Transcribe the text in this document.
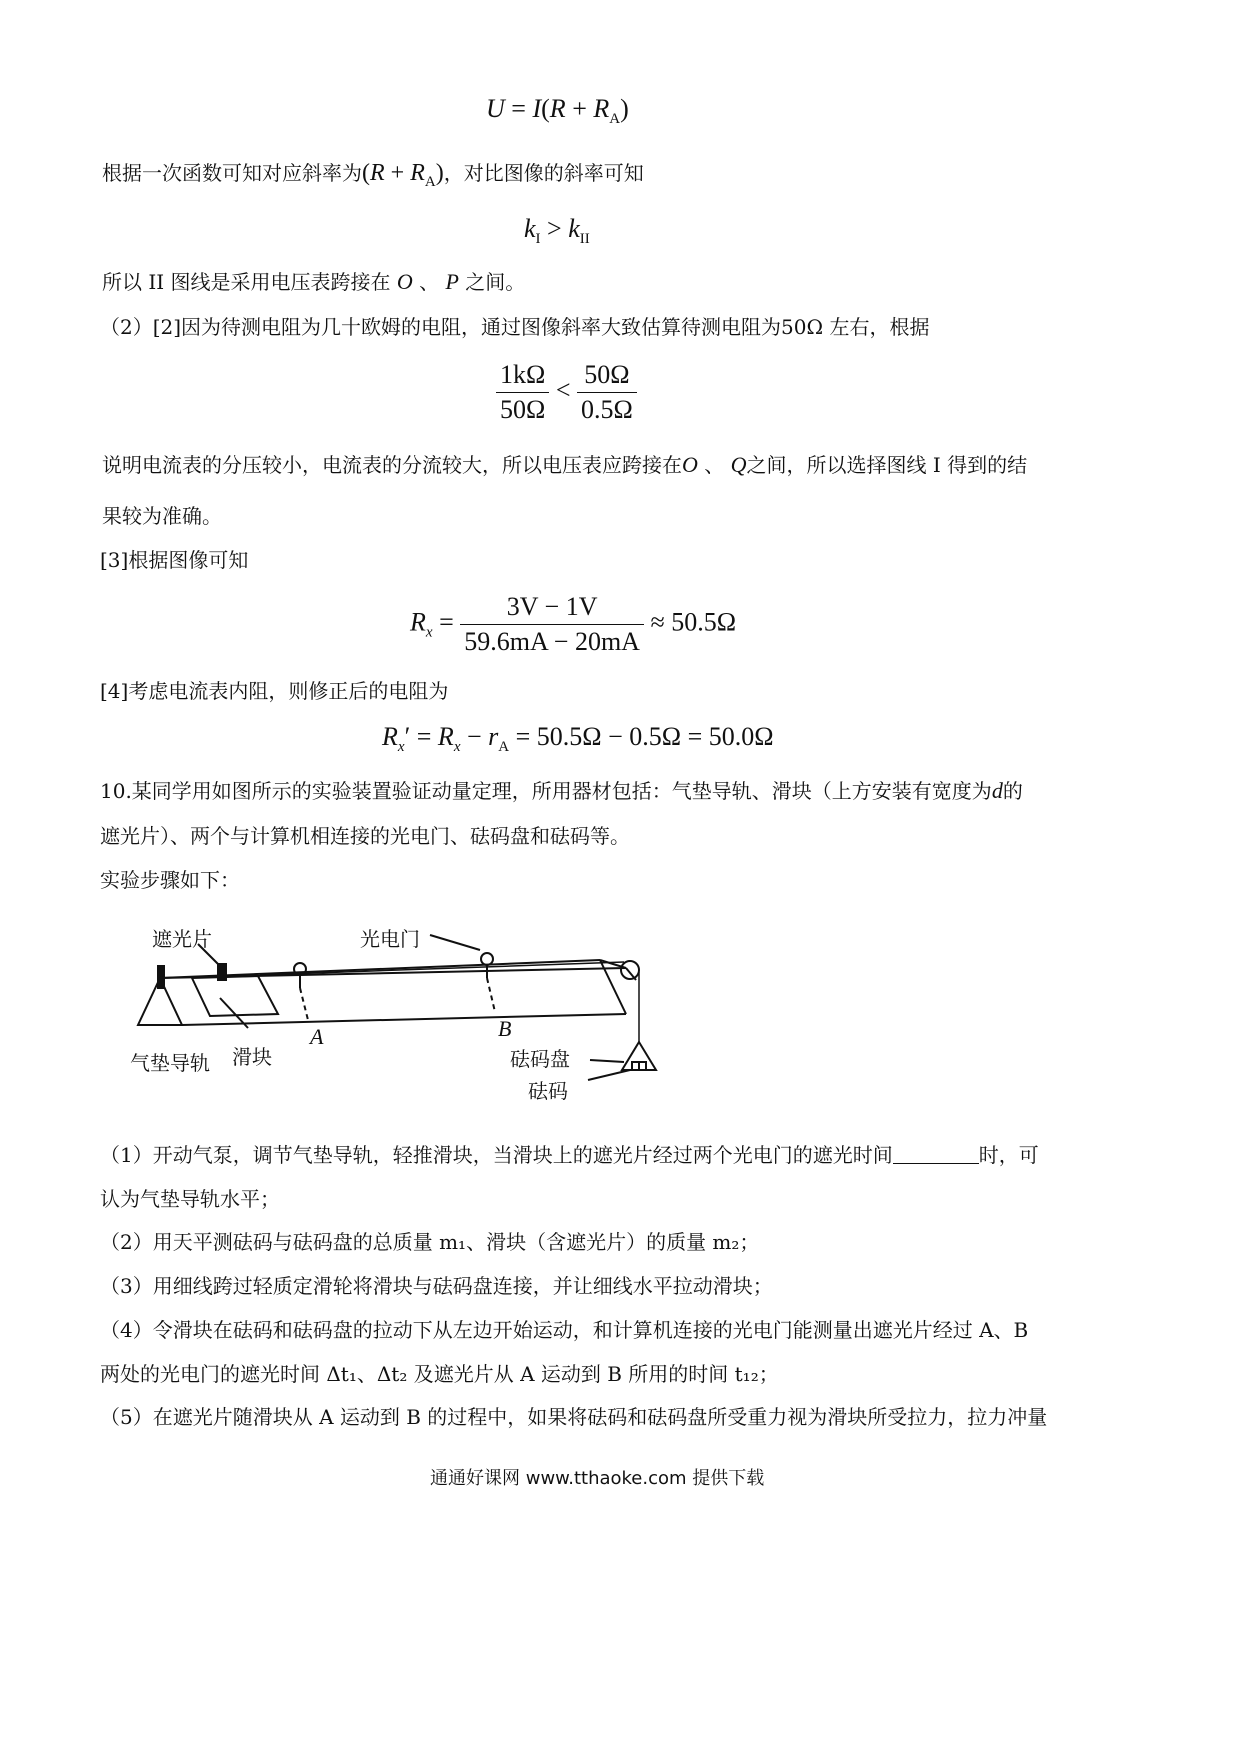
$U = I(R + R_A)$
根据一次函数可知对应斜率为$(R + R_A)$，对比图像的斜率可知
$k_I > k_{II}$
所以 II 图线是采用电压表跨接在 O 、 P 之间。
（2）[2]因为待测电阻为几十欧姆的电阻，通过图像斜率大致估算待测电阻为50Ω 左右，根据
$\frac{1k\Omega}{50\Omega} < \frac{50\Omega}{0.5\Omega}$
说明电流表的分压较小，电流表的分流较大，所以电压表应跨接在O 、 Q之间，所以选择图线 I 得到的结
果较为准确。
[3]根据图像可知
$R_x = \frac{3V - 1V}{59.6mA - 20mA} \approx 50.5\Omega$
[4]考虑电流表内阻，则修正后的电阻为
$R_x' = R_x - r_A = 50.5\Omega - 0.5\Omega = 50.0\Omega$
10.某同学用如图所示的实验装置验证动量定理，所用器材包括：气垫导轨、滑块（上方安装有宽度为d的
遮光片）、两个与计算机相连接的光电门、砝码盘和砝码等。
实验步骤如下：
遮光片	光电门
气垫导轨 滑块	砝码盘
砝码
A	B
（1）开动气泵，调节气垫导轨，轻推滑块，当滑块上的遮光片经过两个光电门的遮光时间	时，可
认为气垫导轨水平；
（2）用天平测砝码与砝码盘的总质量 m₁、滑块（含遮光片）的质量 m₂；
（3）用细线跨过轻质定滑轮将滑块与砝码盘连接，并让细线水平拉动滑块；
（4）令滑块在砝码和砝码盘的拉动下从左边开始运动，和计算机连接的光电门能测量出遮光片经过 A、B
两处的光电门的遮光时间 Δt₁、Δt₂ 及遮光片从 A 运动到 B 所用的时间 t₁₂；
（5）在遮光片随滑块从 A 运动到 B 的过程中，如果将砝码和砝码盘所受重力视为滑块所受拉力，拉力冲量
通通好课网 www.tthaoke.com 提供下载
